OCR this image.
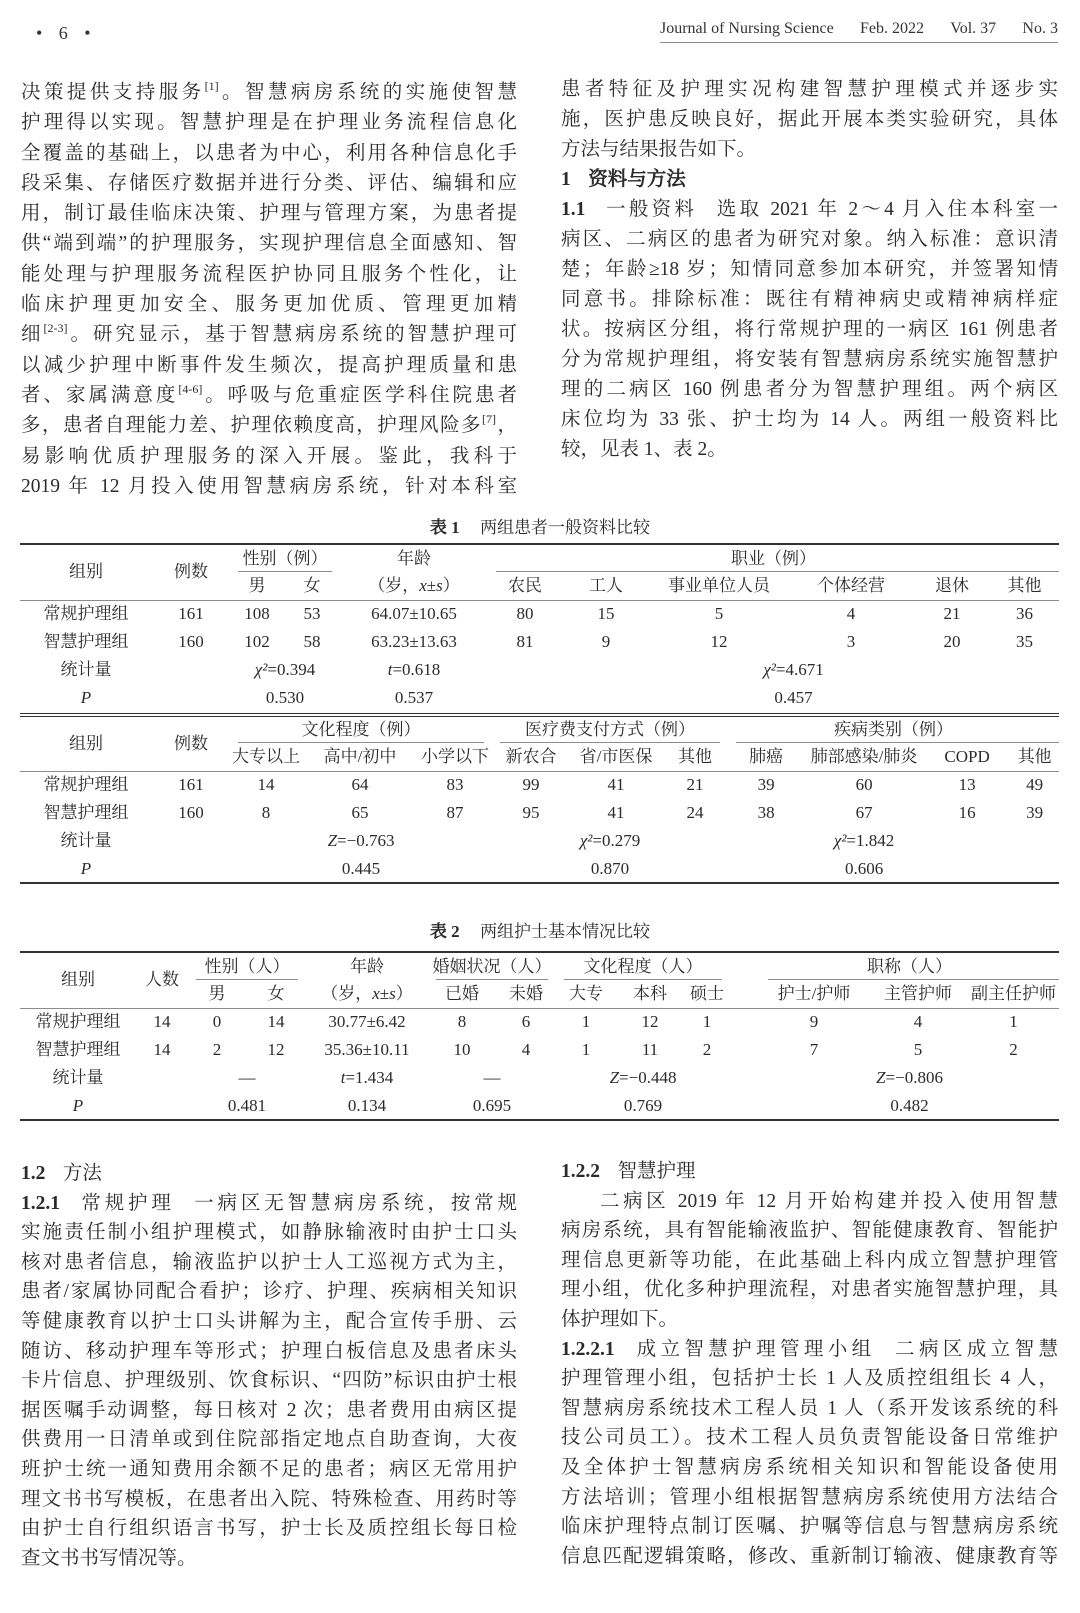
• 6 •	Journal of Nursing Science Feb. 2022 Vol. 37 No. 3
决策提供支持服务[1]。智慧病房系统的实施使智慧
护理得以实现。智慧护理是在护理业务流程信息化
全覆盖的基础上，以患者为中心，利用各种信息化手
段采集、存储医疗数据并进行分类、评估、编辑和应
用，制订最佳临床决策、护理与管理方案，为患者提
供“端到端”的护理服务，实现护理信息全面感知、智
能处理与护理服务流程医护协同且服务个性化，让
临床护理更加安全、服务更加优质、管理更加精
细[2-3]。研究显示，基于智慧病房系统的智慧护理可
以减少护理中断事件发生频次，提高护理质量和患
者、家属满意度[4-6]。呼吸与危重症医学科住院患者
多，患者自理能力差、护理依赖度高，护理风险多[7]，
易影响优质护理服务的深入开展。鉴此，我科于
2019 年 12 月投入使用智慧病房系统，针对本科室
患者特征及护理实况构建智慧护理模式并逐步实
施，医护患反映良好，据此开展本类实验研究，具体
方法与结果报告如下。
1 资料与方法
1.1 一般资料 选取 2021 年 2～4 月入住本科室一
病区、二病区的患者为研究对象。纳入标准：意识清
楚；年龄≥18 岁；知情同意参加本研究，并签署知情
同意书。排除标准：既往有精神病史或精神病样症
状。按病区分组，将行常规护理的一病区 161 例患者
分为常规护理组，将安装有智慧病房系统实施智慧护
理的二病区 160 例患者分为智慧护理组。两个病区
床位均为 33 张、护士均为 14 人。两组一般资料比
较，见表 1、表 2。
表 1 两组患者一般资料比较
组别	例数	性别（例）		年龄	职业（例）					
		男	女	（岁，x±s）	农民	工人	事业单位人员	个体经营	退休	其他
常规护理组	161	108	53	64.07±10.65	80	15	5	4	21	36
智慧护理组	160	102	58	63.23±13.63	81	9	12	3	20	35
统计量		χ²=0.394		t=0.618	χ²=4.671					
P		0.530		0.537	0.457					
组别	例数	文化程度（例）			医疗费支付方式（例）			疾病类别（例）			
		大专以上	高中/初中	小学以下	新农合	省/市医保	其他	肺癌	肺部感染/肺炎	COPD	其他
常规护理组	161	14	64	83	99	41	21	39	60	13	49
智慧护理组	160	8	65	87	95	41	24	38	67	16	39
统计量		Z=−0.763			χ²=0.279				χ²=1.842		
P		0.445			0.870				0.606		
表 2 两组护士基本情况比较
组别	人数	性别（人）		年龄	婚姻状况（人）		文化程度（人）				职称（人）		
		男	女	（岁，x±s）	已婚	未婚	大专	本科	硕士		护士/护师	主管护师	副主任护师
常规护理组	14	0	14	30.77±6.42	8	6	1	12	1		9	4	1
智慧护理组	14	2	12	35.36±10.11	10	4	1	11	2		7	5	2
统计量		—		t=1.434	—		Z=−0.448				Z=−0.806		
P		0.481		0.134	0.695		0.769				0.482		
1.2 方法
1.2.1 常规护理 一病区无智慧病房系统，按常规
实施责任制小组护理模式，如静脉输液时由护士口头
核对患者信息，输液监护以护士人工巡视方式为主，
患者/家属协同配合看护；诊疗、护理、疾病相关知识
等健康教育以护士口头讲解为主，配合宣传手册、云
随访、移动护理车等形式；护理白板信息及患者床头
卡片信息、护理级别、饮食标识、“四防”标识由护士根
据医嘱手动调整，每日核对 2 次；患者费用由病区提
供费用一日清单或到住院部指定地点自助查询，大夜
班护士统一通知费用余额不足的患者；病区无常用护
理文书书写模板，在患者出入院、特殊检查、用药时等
由护士自行组织语言书写，护士长及质控组长每日检
查文书书写情况等。
1.2.2 智慧护理
二病区 2019 年 12 月开始构建并投入使用智慧
病房系统，具有智能输液监护、智能健康教育、智能护
理信息更新等功能，在此基础上科内成立智慧护理管
理小组，优化多种护理流程，对患者实施智慧护理，具
体护理如下。
1.2.2.1 成立智慧护理管理小组 二病区成立智慧
护理管理小组，包括护士长 1 人及质控组组长 4 人，
智慧病房系统技术工程人员 1 人（系开发该系统的科
技公司员工）。技术工程人员负责智能设备日常维护
及全体护士智慧病房系统相关知识和智能设备使用
方法培训；管理小组根据智慧病房系统使用方法结合
临床护理特点制订医嘱、护嘱等信息与智慧病房系统
信息匹配逻辑策略，修改、重新制订输液、健康教育等
